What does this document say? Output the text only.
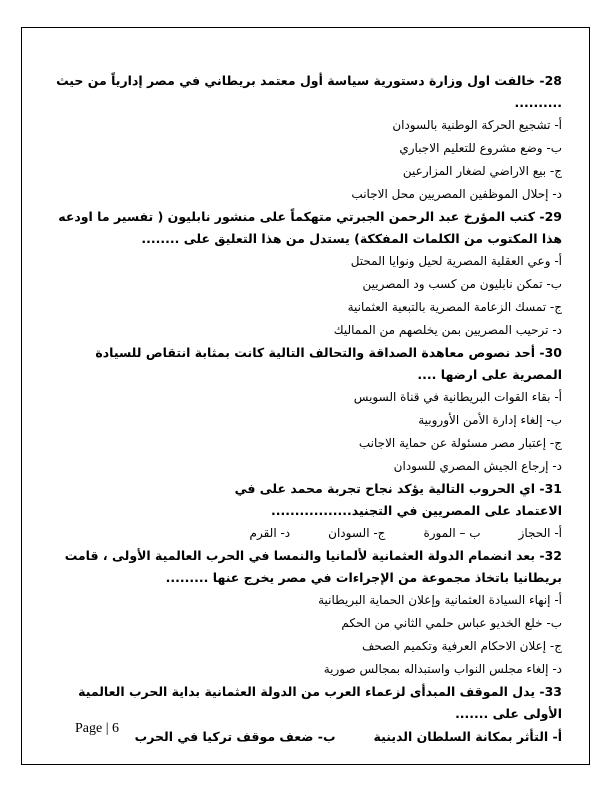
28- خالفت اول وزارة دستورية سياسة أول معتمد بريطاني في مصر إدارياً من حيث ..........

أ- تشجيع الحركة الوطنية بالسودان

ب- وضع مشروع للتعليم الاجباري

ج- بيع الاراضي لضغار المزارعين

د- إحلال الموظفين المصريين محل الاجانب

29- كتب المؤرخ عبد الرحمن الجبرتي متهكماً على منشور نابليون ( تفسير ما اودعه هذا المكتوب من الكلمات المفككة) يستدل من هذا التعليق على ........

أ- وعي العقلية المصرية لحيل ونوايا المحتل

ب- تمكن نابليون من كسب ود المصريين

ج- تمسك الزعامة المصرية بالتبعية العثمانية

د- ترحيب المصريين بمن يخلصهم من المماليك

30- أحد نصوص معاهدة الصداقة والتحالف التالية كانت بمثابة انتقاص للسيادة المصرية على ارضها ....

أ- بقاء القوات البريطانية في قناة السويس

ب- إلغاء إدارة الأمن الأوروبية

ج- إعتبار مصر مسئولة عن حماية الاجانب

د- إرجاع الجيش المصري للسودان

31- اي الحروب التالية يؤكد نجاح تجربة محمد على في الاعتماد على المصريين في التجنيد.................

أ- الحجاز
ب – المورة
ج- السودان
د- القرم

32- بعد انضمام الدولة العثمانية لألمانيا والنمسا في الحرب العالمية الأولى ، قامت بريطانيا باتخاذ مجموعة من الإجراءات في مصر يخرج عنها .........

أ- إنهاء السيادة العثمانية وإعلان الحماية البريطانية

ب- خلع الخديو عباس حلمي الثاني من الحكم

ج- إعلان الاحكام العرفية وتكميم الصحف

د- إلغاء مجلس النواب واستبداله بمجالس صورية

33- يدل الموقف المبدأى لزعماء العرب من الدولة العثمانية بداية الحرب العالمية الأولى على .......

أ- التأثر بمكانة السلطان الدينية
ب- ضعف موقف تركيا في الحرب
Page | 6
